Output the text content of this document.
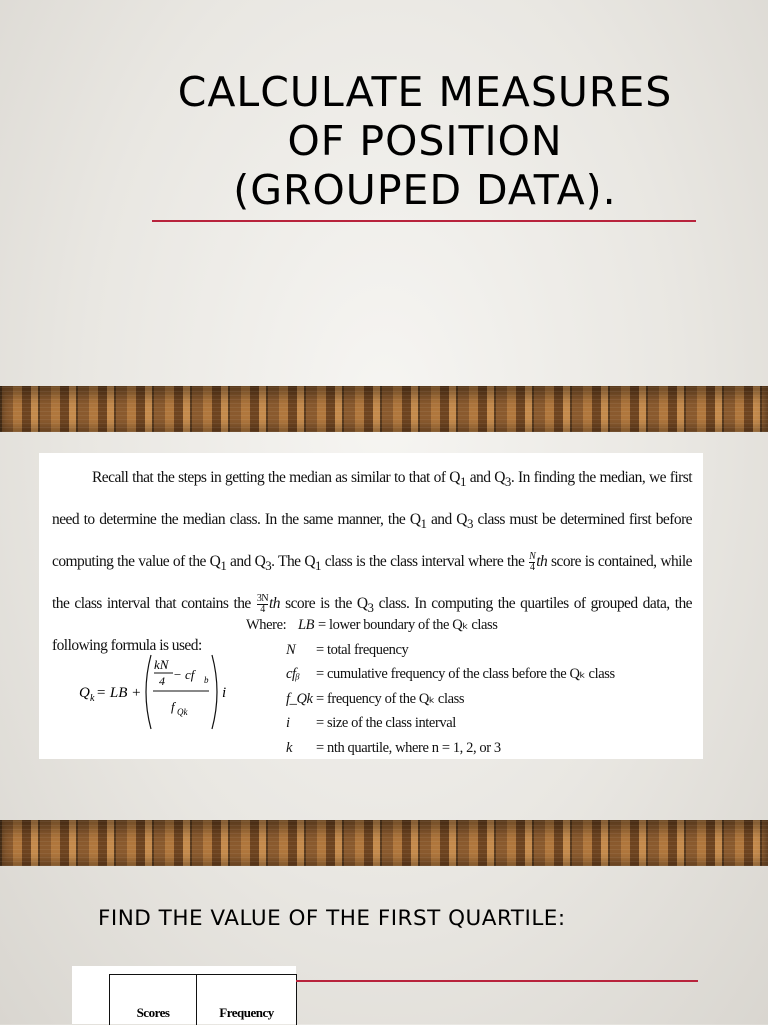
CALCULATE MEASURES
OF POSITION
(GROUPED DATA).
Recall that the steps in getting the median as similar to that of $Q_1$ and $Q_3$. In finding the median, we first need to determine the median class. In the same manner, the $Q_1$ and $Q_3$ class must be determined first before computing the value of the $Q_1$ and $Q_3$. The $Q_1$ class is the class interval where the $\frac{N}{4}$ th score is contained, while the class interval that contains the $\frac{3N}{4}$ th score is the $Q_3$ class. In computing the quartiles of grouped data, the following formula is used:
Q k = LB +
kN
4 − cf b
f Qk
i
Where: LB = lower boundary of the Qₖ class
N = total frequency
cfᵦ = cumulative frequency of the class before the Qₖ class
f_Qk = frequency of the Qₖ class
i = size of the class interval
k = nth quartile, where n = 1, 2, or 3
FIND THE VALUE OF THE FIRST QUARTILE:
Scores	Frequency
